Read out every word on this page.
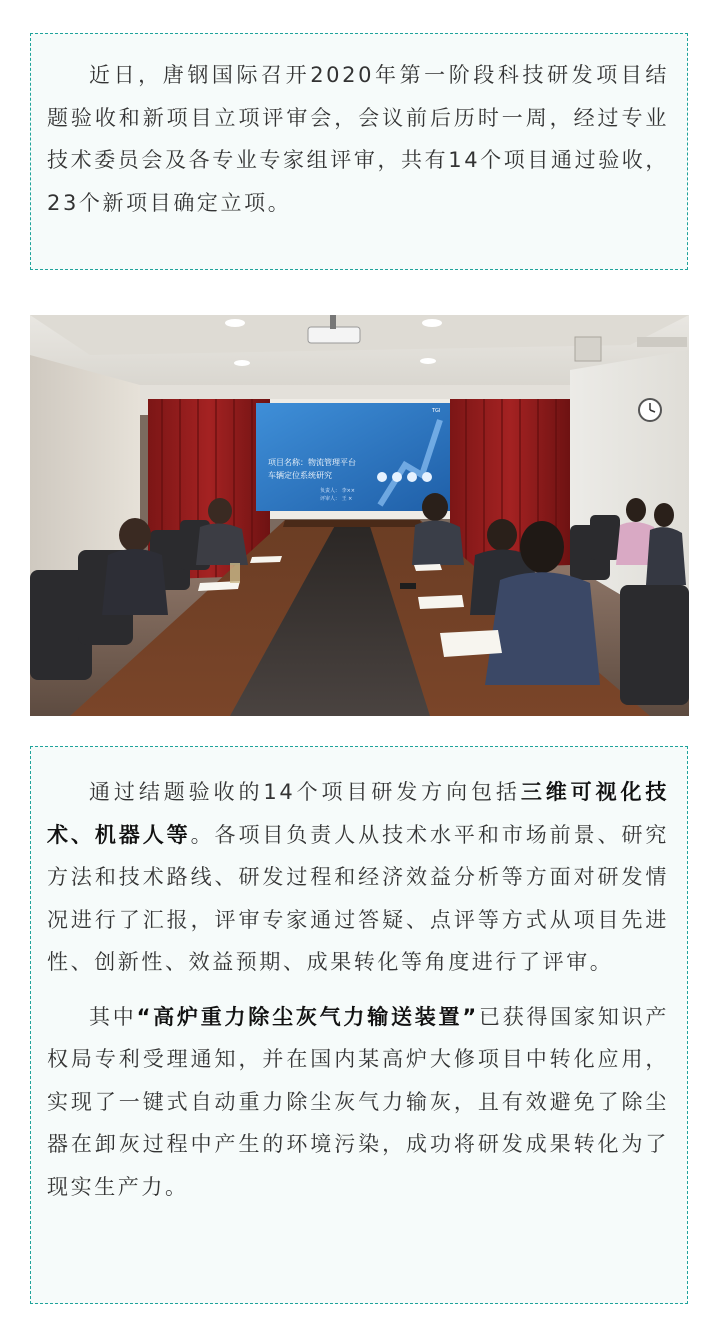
近日，唐钢国际召开2020年第一阶段科技研发项目结题验收和新项目立项评审会，会议前后历时一周，经过专业技术委员会及各专业专家组评审，共有14个项目通过验收，23个新项目确定立项。

项目名称：物流管理平台
车辆定位系统研究
负责人： 李××
评审人： 王 ×
TGI

通过结题验收的14个项目研发方向包括三维可视化技术、机器人等。各项目负责人从技术水平和市场前景、研究方法和技术路线、研发过程和经济效益分析等方面对研发情况进行了汇报，评审专家通过答疑、点评等方式从项目先进性、创新性、效益预期、成果转化等角度进行了评审。

其中“高炉重力除尘灰气力输送装置”已获得国家知识产权局专利受理通知，并在国内某高炉大修项目中转化应用，实现了一键式自动重力除尘灰气力输灰，且有效避免了除尘器在卸灰过程中产生的环境污染，成功将研发成果转化为了现实生产力。
